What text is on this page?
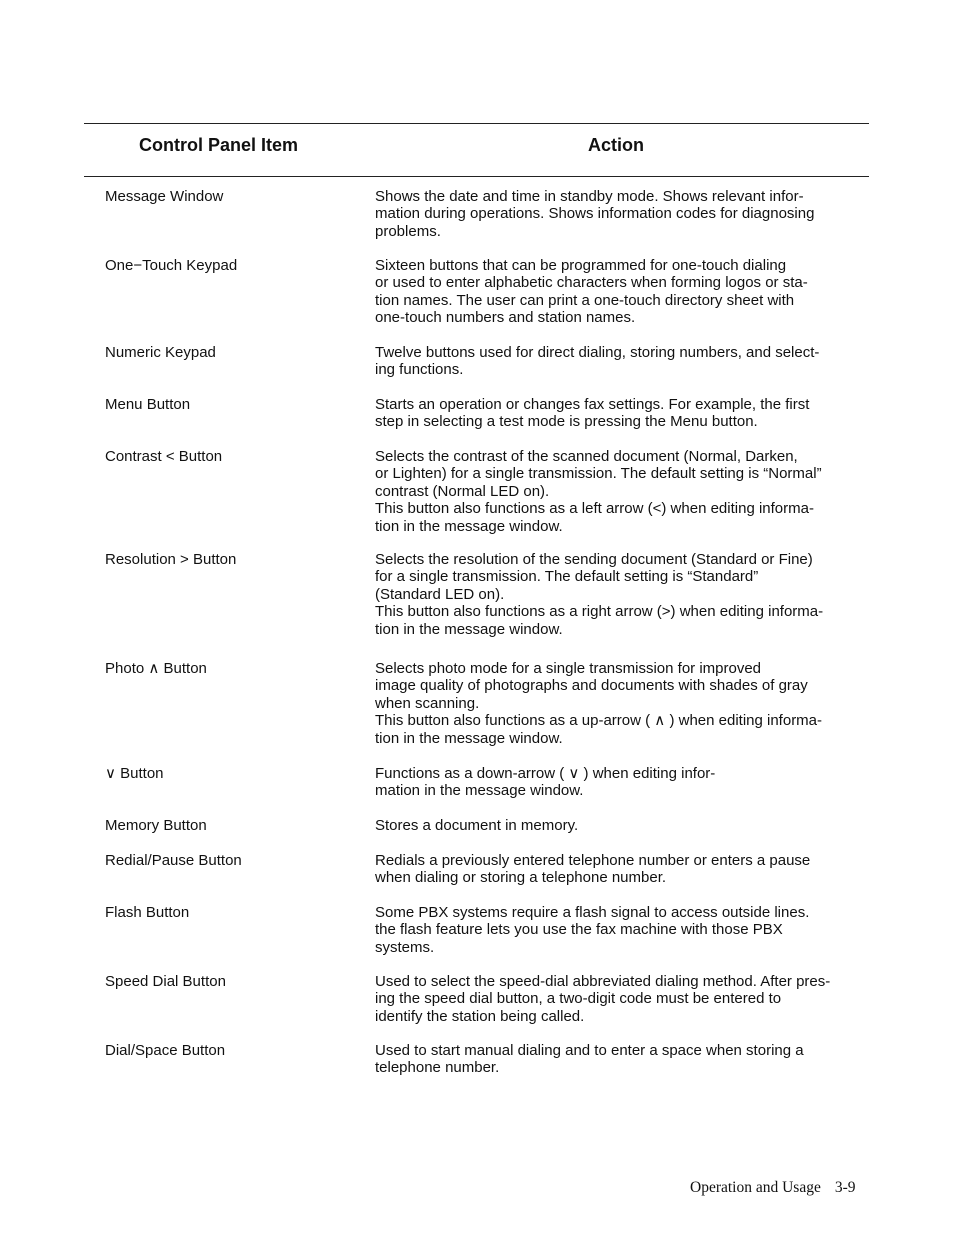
Control Panel Item	Action
Message Window	Shows the date and time in standby mode. Shows relevant infor-
mation during operations. Shows information codes for diagnosing
problems.
One−Touch Keypad	Sixteen buttons that can be programmed for one-touch dialing
or used to enter alphabetic characters when forming logos or sta-
tion names. The user can print a one-touch directory sheet with
one-touch numbers and station names.
Numeric Keypad	Twelve buttons used for direct dialing, storing numbers, and select-
ing functions.
Menu Button	Starts an operation or changes fax settings. For example, the first
step in selecting a test mode is pressing the Menu button.
Contrast < Button	Selects the contrast of the scanned document (Normal, Darken,
or Lighten) for a single transmission. The default setting is “Normal”
contrast (Normal LED on).
This button also functions as a left arrow (<) when editing informa-
tion in the message window.
Resolution > Button	Selects the resolution of the sending document (Standard or Fine)
for a single transmission. The default setting is “Standard”
(Standard LED on).
This button also functions as a right arrow (>) when editing informa-
tion in the message window.
Photo ∧ Button	Selects photo mode for a single transmission for improved
image quality of photographs and documents with shades of gray
when scanning.
This button also functions as a up-arrow ( ∧ ) when editing informa-
tion in the message window.
∨ Button	Functions as a down-arrow ( ∨ ) when editing infor-
mation in the message window.
Memory Button	Stores a document in memory.
Redial/Pause Button	Redials a previously entered telephone number or enters a pause
when dialing or storing a telephone number.
Flash Button	Some PBX systems require a flash signal to access outside lines.
the flash feature lets you use the fax machine with those PBX
systems.
Speed Dial Button	Used to select the speed-dial abbreviated dialing method. After pres-
ing the speed dial button, a two-digit code must be entered to
identify the station being called.
Dial/Space Button	Used to start manual dialing and to enter a space when storing a
telephone number.
Operation and Usage 3-9
